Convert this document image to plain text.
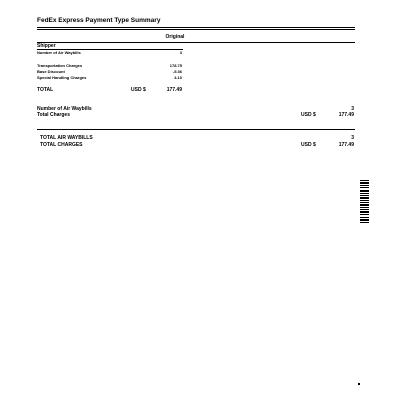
FedEx Express Payment Type Summary
Original
Shipper
Number of Air Waybills	3
Transportation Charges	178.75
Base Discount	-5.36
Special Handling Charges	4.10
TOTAL	USD $	177.49
Number of Air Waybills	3
Total Charges	USD $	177.49
TOTAL AIR WAYBILLS	3
TOTAL CHARGES	USD $	177.49
